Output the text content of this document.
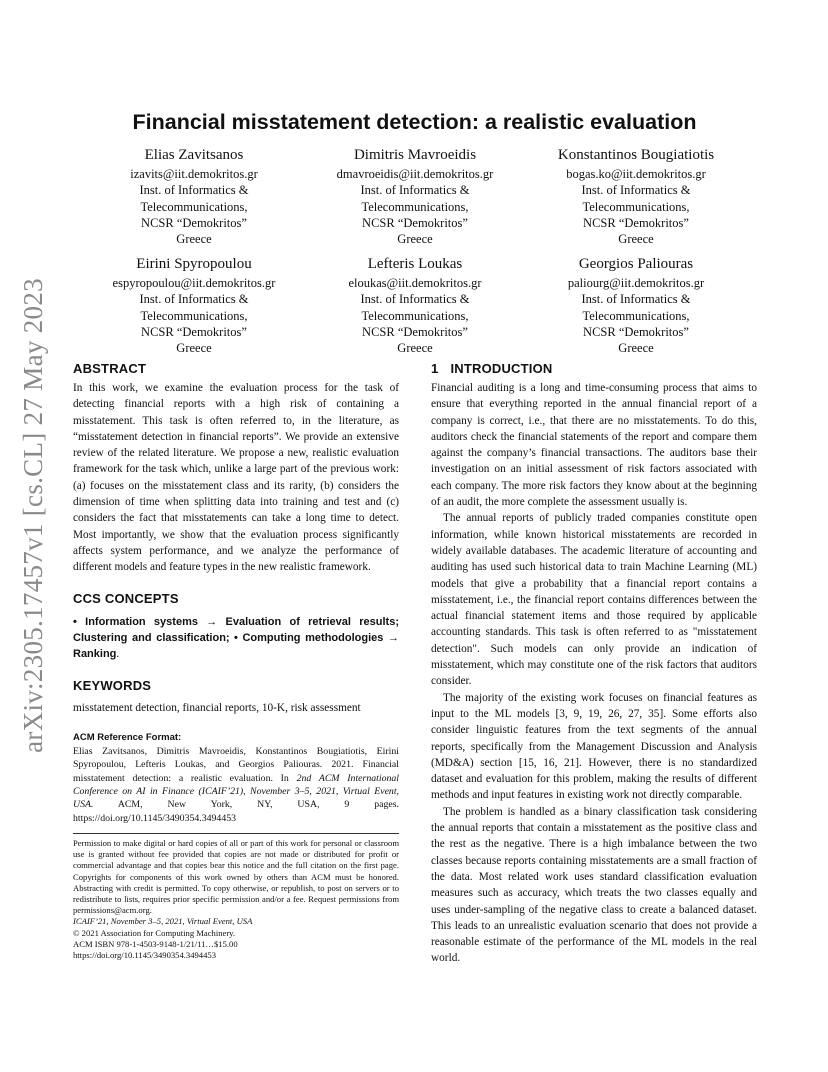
arXiv:2305.17457v1 [cs.CL] 27 May 2023
Financial misstatement detection: a realistic evaluation
Elias Zavitsanos
izavits@iit.demokritos.gr
Inst. of Informatics &
Telecommunications,
NCSR “Demokritos”
Greece
Dimitris Mavroeidis
dmavroeidis@iit.demokritos.gr
Inst. of Informatics &
Telecommunications,
NCSR “Demokritos”
Greece
Konstantinos Bougiatiotis
bogas.ko@iit.demokritos.gr
Inst. of Informatics &
Telecommunications,
NCSR “Demokritos”
Greece
Eirini Spyropoulou
espyropoulou@iit.demokritos.gr
Inst. of Informatics &
Telecommunications,
NCSR “Demokritos”
Greece
Lefteris Loukas
eloukas@iit.demokritos.gr
Inst. of Informatics &
Telecommunications,
NCSR “Demokritos”
Greece
Georgios Paliouras
paliourg@iit.demokritos.gr
Inst. of Informatics &
Telecommunications,
NCSR “Demokritos”
Greece
ABSTRACT

In this work, we examine the evaluation process for the task of detecting financial reports with a high risk of containing a misstatement. This task is often referred to, in the literature, as “misstatement detection in financial reports”. We provide an extensive review of the related literature. We propose a new, realistic evaluation framework for the task which, unlike a large part of the previous work: (a) focuses on the misstatement class and its rarity, (b) considers the dimension of time when splitting data into training and test and (c) considers the fact that misstatements can take a long time to detect. Most importantly, we show that the evaluation process significantly affects system performance, and we analyze the performance of different models and feature types in the new realistic framework.

CCS CONCEPTS

• Information systems → Evaluation of retrieval results; Clustering and classification; • Computing methodologies → Ranking.

KEYWORDS

misstatement detection, financial reports, 10-K, risk assessment

ACM Reference Format:

Elias Zavitsanos, Dimitris Mavroeidis, Konstantinos Bougiatiotis, Eirini Spyropoulou, Lefteris Loukas, and Georgios Paliouras. 2021. Financial misstatement detection: a realistic evaluation. In 2nd ACM International Conference on AI in Finance (ICAIF’21), November 3–5, 2021, Virtual Event, USA. ACM, New York, NY, USA, 9 pages. https://doi.org/10.1145/3490354.3494453

Permission to make digital or hard copies of all or part of this work for personal or classroom use is granted without fee provided that copies are not made or distributed for profit or commercial advantage and that copies bear this notice and the full citation on the first page. Copyrights for components of this work owned by others than ACM must be honored. Abstracting with credit is permitted. To copy otherwise, or republish, to post on servers or to redistribute to lists, requires prior specific permission and/or a fee. Request permissions from permissions@acm.org.

ICAIF’21, November 3–5, 2021, Virtual Event, USA

© 2021 Association for Computing Machinery.

ACM ISBN 978-1-4503-9148-1/21/11…$15.00

https://doi.org/10.1145/3490354.3494453

1 INTRODUCTION

Financial auditing is a long and time-consuming process that aims to ensure that everything reported in the annual financial report of a company is correct, i.e., that there are no misstatements. To do this, auditors check the financial statements of the report and compare them against the company’s financial transactions. The auditors base their investigation on an initial assessment of risk factors associated with each company. The more risk factors they know about at the beginning of an audit, the more complete the assessment usually is.

The annual reports of publicly traded companies constitute open information, while known historical misstatements are recorded in widely available databases. The academic literature of accounting and auditing has used such historical data to train Machine Learning (ML) models that give a probability that a financial report contains a misstatement, i.e., the financial report contains differences between the actual financial statement items and those required by applicable accounting standards. This task is often referred to as "misstatement detection". Such models can only provide an indication of misstatement, which may constitute one of the risk factors that auditors consider.

The majority of the existing work focuses on financial features as input to the ML models [3, 9, 19, 26, 27, 35]. Some efforts also consider linguistic features from the text segments of the annual reports, specifically from the Management Discussion and Analysis (MD&A) section [15, 16, 21]. However, there is no standardized dataset and evaluation for this problem, making the results of different methods and input features in existing work not directly comparable.

The problem is handled as a binary classification task considering the annual reports that contain a misstatement as the positive class and the rest as the negative. There is a high imbalance between the two classes because reports containing misstatements are a small fraction of the data. Most related work uses standard classification evaluation measures such as accuracy, which treats the two classes equally and uses under-sampling of the negative class to create a balanced dataset. This leads to an unrealistic evaluation scenario that does not provide a reasonable estimate of the performance of the ML models in the real world.
